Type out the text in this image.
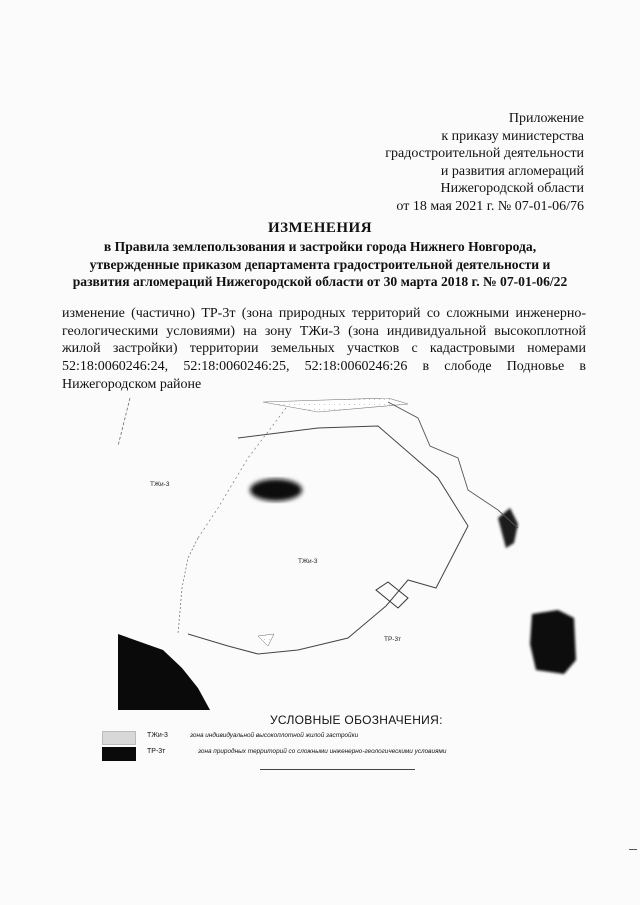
Приложение
к приказу министерства
градостроительной деятельности
и развития агломераций
Нижегородской области
от 18 мая 2021 г. № 07-01-06/76
ИЗМЕНЕНИЯ
в Правила землепользования и застройки города Нижнего Новгорода,
утвержденные приказом департамента градостроительной деятельности и
развития агломераций Нижегородской области от 30 марта 2018 г. № 07-01-06/22
изменение (частично) ТР-3т (зона природных территорий со сложными инженерно-
геологическими условиями) на зону ТЖи-3 (зона индивидуальной высокоплотной
жилой застройки) территории земельных участков с кадастровыми номерами
52:18:0060246:24, 52:18:0060246:25, 52:18:0060246:26 в слободе Подновье в
Нижегородском районе
ТЖи-3
ТЖи-3
ТР-3т
УСЛОВНЫЕ ОБОЗНАЧЕНИЯ:
ТЖи-3	зона индивидуальной высокоплотной жилой застройки
ТР-3т	зона природных территорий со сложными инженерно-геологическими условиями
